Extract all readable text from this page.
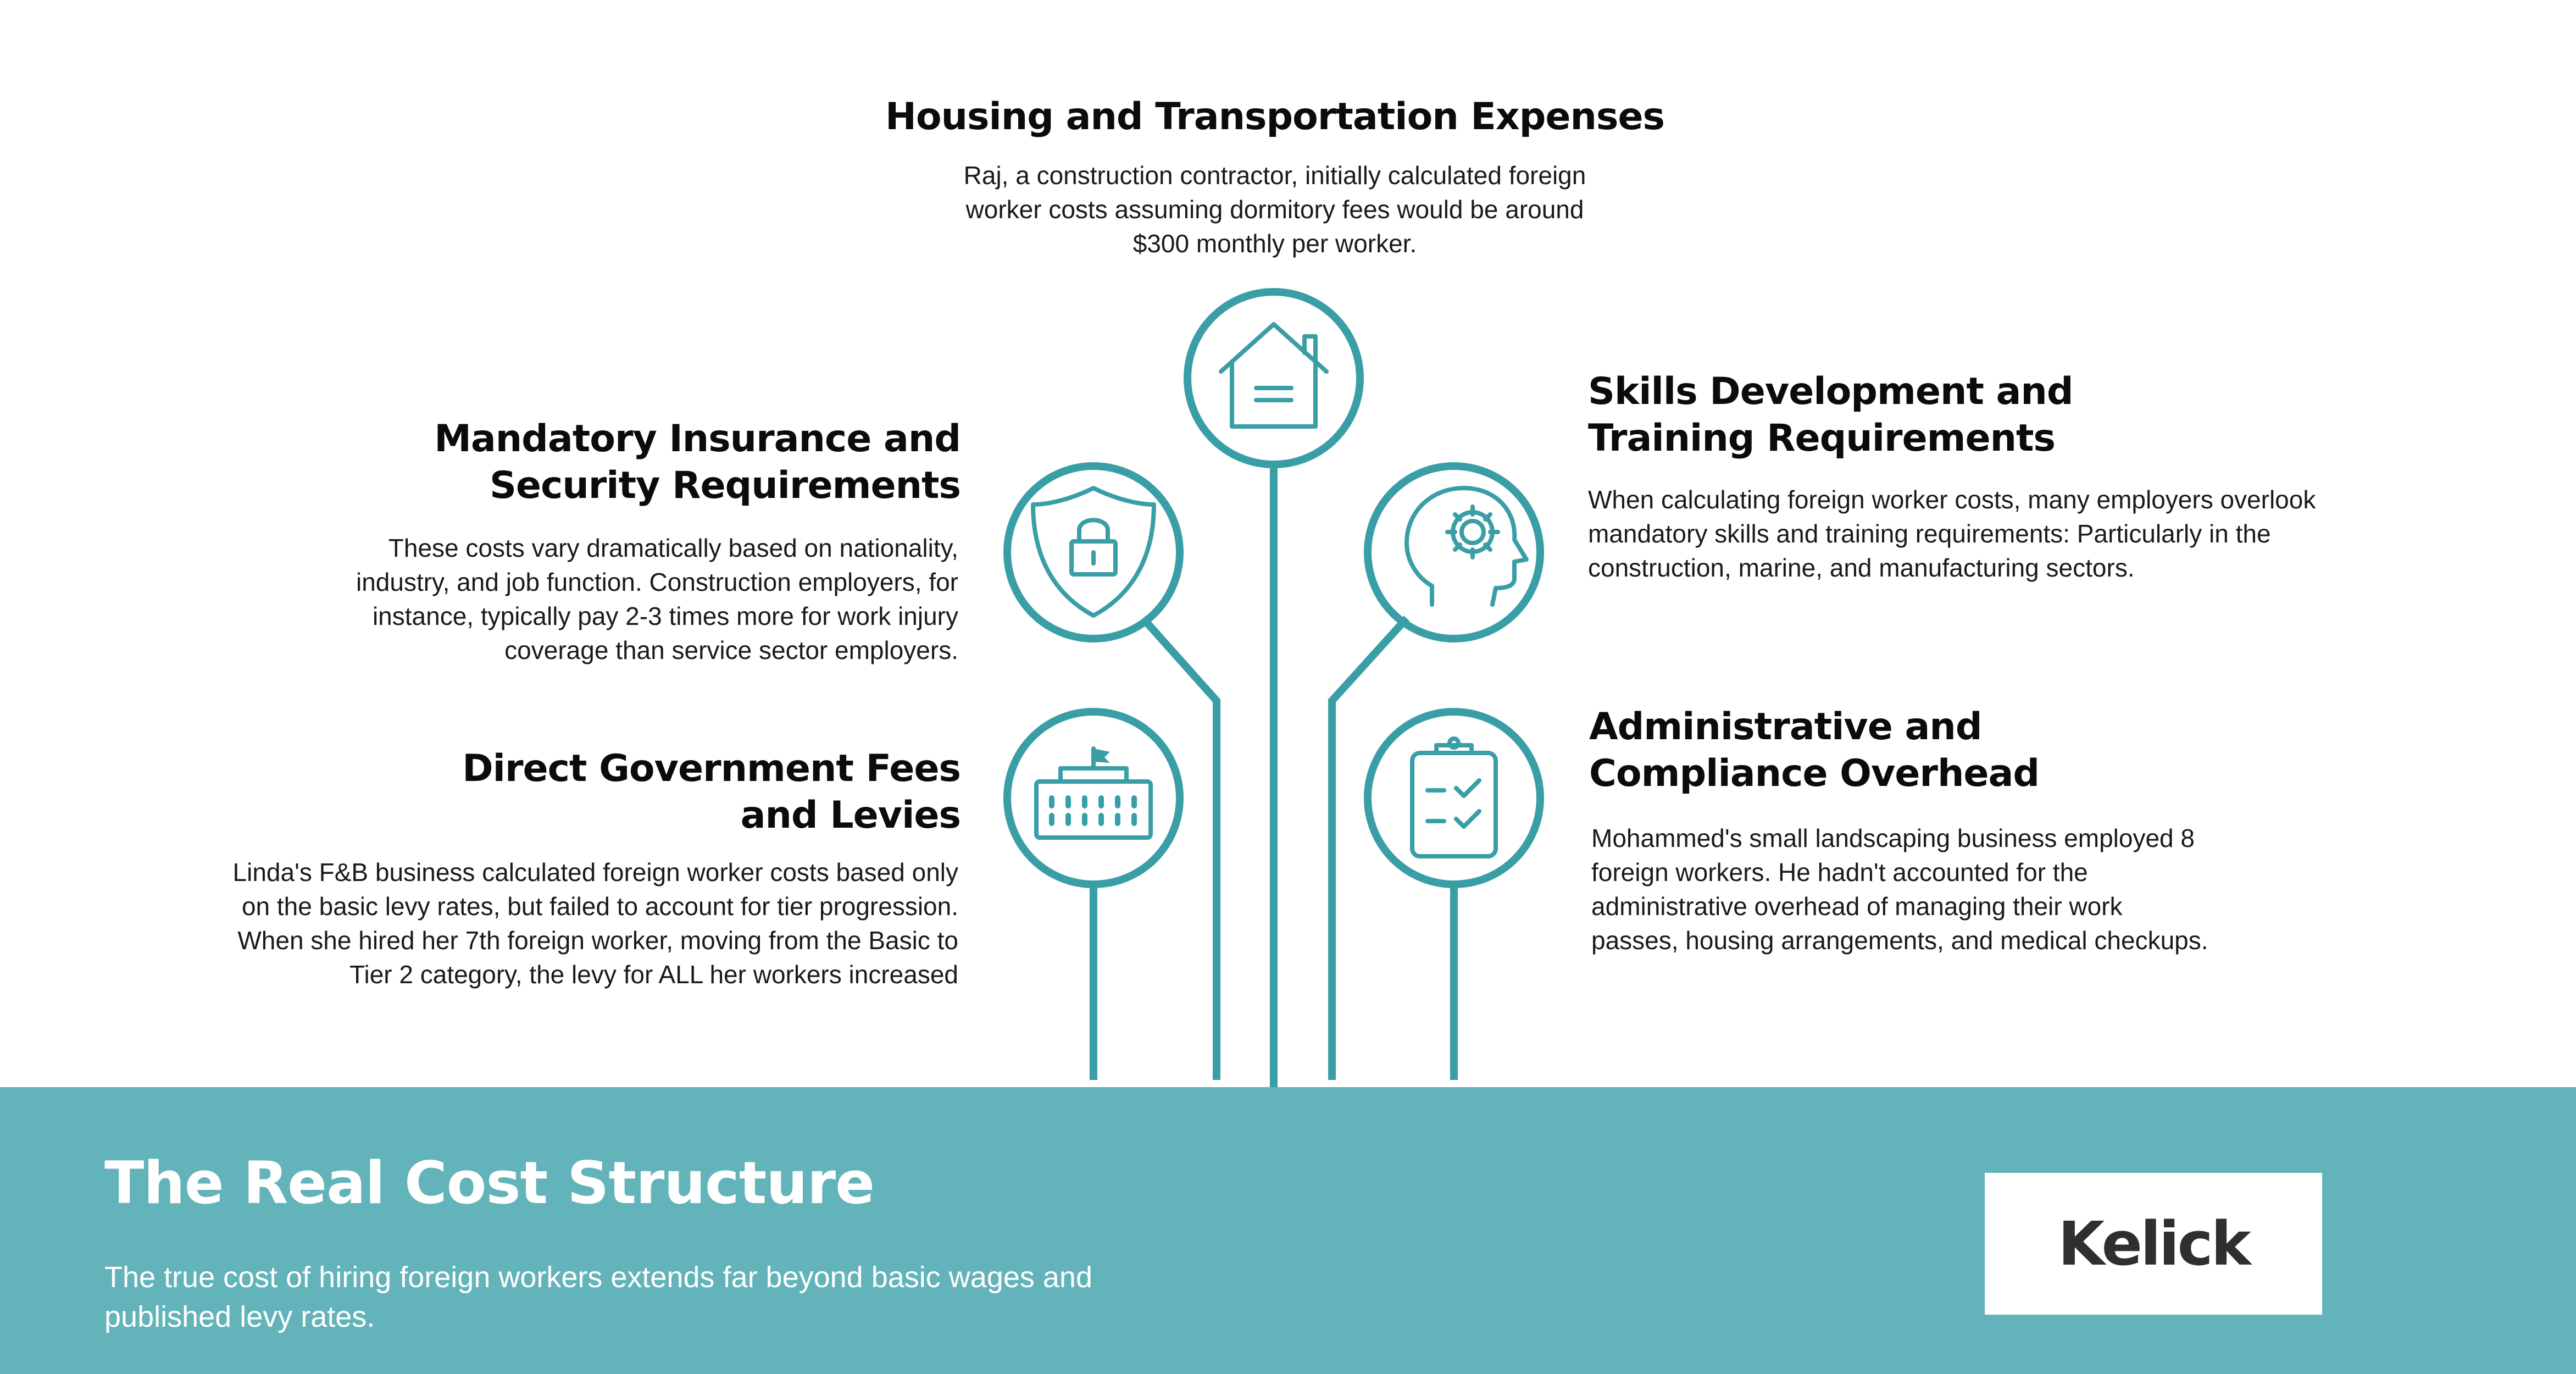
Housing and Transportation Expenses

Raj, a construction contractor, initially calculated foreign
worker costs assuming dormitory fees would be around
$300 monthly per worker.

Mandatory Insurance and
Security Requirements

These costs vary dramatically based on nationality,
industry, and job function. Construction employers, for
instance, typically pay 2-3 times more for work injury
coverage than service sector employers.

Skills Development and
Training Requirements

When calculating foreign worker costs, many employers overlook
mandatory skills and training requirements: Particularly in the
construction, marine, and manufacturing sectors.

Direct Government Fees
and Levies

Linda's F&B business calculated foreign worker costs based only
on the basic levy rates, but failed to account for tier progression.
When she hired her 7th foreign worker, moving from the Basic to
Tier 2 category, the levy for ALL her workers increased

Administrative and
Compliance Overhead

Mohammed's small landscaping business employed 8
foreign workers. He hadn't accounted for the
administrative overhead of managing their work
passes, housing arrangements, and medical checkups.

The Real Cost Structure

The true cost of hiring foreign workers extends far beyond basic wages and
published levy rates.

Kelick
